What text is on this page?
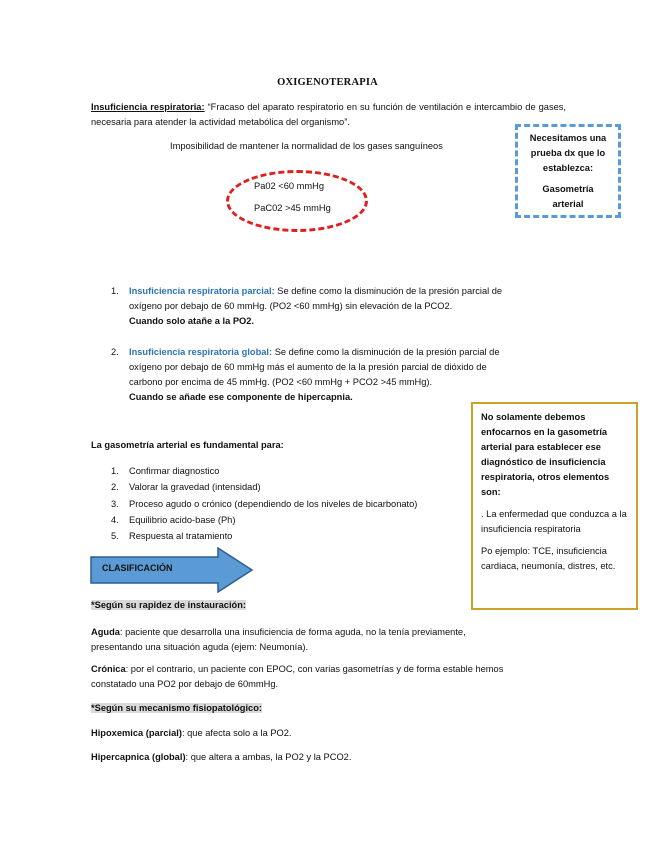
OXIGENOTERAPIA
Insuficiencia respiratoria: “Fracaso del aparato respiratorio en su función de ventilación e intercambio de gases, necesaria para atender la actividad metabólica del organismo”.
Imposibilidad de mantener la normalidad de los gases sanguíneos
Pa02 <60 mmHg
PaC02 >45 mmHg
Necesitamos una
prueba dx que lo
establezca:
Gasometría
arterial
1. Insuficiencia respiratoria parcial: Se define como la disminución de la presión parcial de
oxígeno por debajo de 60 mmHg. (PO2 <60 mmHg) sin elevación de la PCO2.
Cuando solo atañe a la PO2.
2. Insuficiencia respiratoria global: Se define como la disminución de la presión parcial de
oxígeno por debajo de 60 mmHg más el aumento de la la presión parcial de dióxido de
carbono por encima de 45 mmHg. (PO2 <60 mmHg + PCO2 >45 mmHg).
Cuando se añade ese componente de hipercapnia.
No solamente debemos enfocarnos en la gasometría arterial para establecer ese diagnóstico de insuficiencia respiratoria, otros elementos son:
. La enfermedad que conduzca a la insuficiencia respiratoria
Po ejemplo: TCE, insuficiencia cardiaca, neumonía, distres, etc.
La gasometría arterial es fundamental para:
1. Confirmar diagnostico
2. Valorar la gravedad (intensidad)
3. Proceso agudo o crónico (dependiendo de los niveles de bicarbonato)
4. Equilibrio acido-base (Ph)
5. Respuesta al tratamiento
CLASIFICACIÓN
*Según su rapidez de instauración:
Aguda: paciente que desarrolla una insuficiencia de forma aguda, no la tenía previamente,
presentando una situación aguda (ejem: Neumonía).
Crónica: por el contrario, un paciente con EPOC, con varias gasometrías y de forma estable hemos
constatado una PO2 por debajo de 60mmHg.
*Según su mecanismo fisiopatológico:
Hipoxemica (parcial): que afecta solo a la PO2.
Hipercapnica (global): que altera a ambas, la PO2 y la PCO2.
